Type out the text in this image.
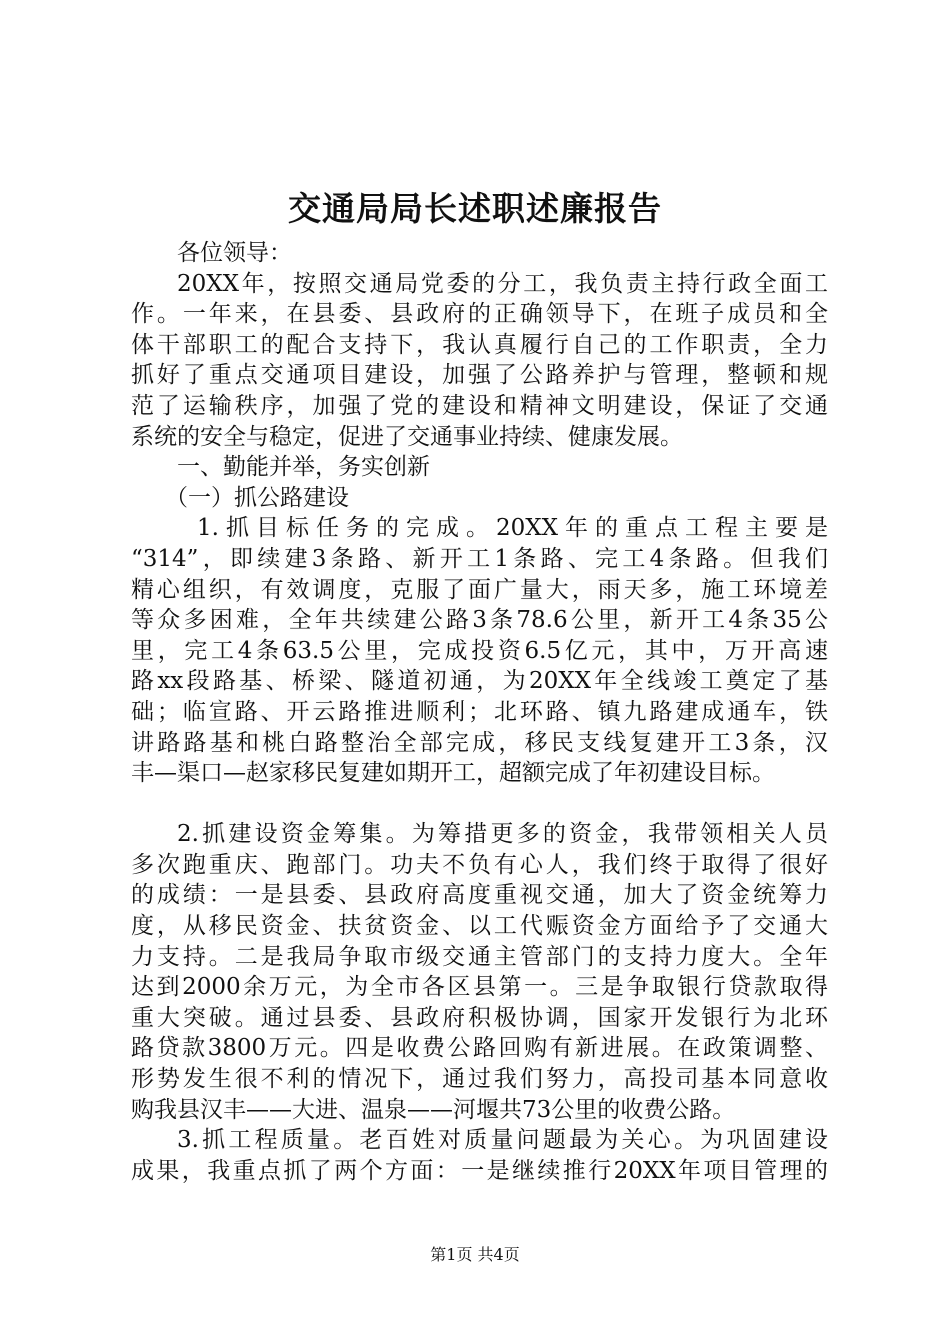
交通局局长述职述廉报告
各位领导：
20XX年，按照交通局党委的分工，我负责主持行政全面工
作。一年来，在县委、县政府的正确领导下，在班子成员和全
体干部职工的配合支持下，我认真履行自己的工作职责，全力
抓好了重点交通项目建设，加强了公路养护与管理，整顿和规
范了运输秩序，加强了党的建设和精神文明建设，保证了交通
系统的安全与稳定，促进了交通事业持续、健康发展。
一、勤能并举，务实创新
（一）抓公路建设
1.抓目标任务的完成。20XX年的重点工程主要是
“314”，即续建3条路、新开工1条路、完工4条路。但我们
精心组织，有效调度，克服了面广量大，雨天多，施工环境差
等众多困难，全年共续建公路3条78.6公里，新开工4条35公
里，完工4条63.5公里，完成投资6.5亿元，其中，万开高速
路xx段路基、桥梁、隧道初通，为20XX年全线竣工奠定了基
础；临宣路、开云路推进顺利；北环路、镇九路建成通车，铁
讲路路基和桃白路整治全部完成，移民支线复建开工3条，汉
丰—渠口—赵家移民复建如期开工，超额完成了年初建设目标。
2.抓建设资金筹集。为筹措更多的资金，我带领相关人员
多次跑重庆、跑部门。功夫不负有心人，我们终于取得了很好
的成绩：一是县委、县政府高度重视交通，加大了资金统筹力
度，从移民资金、扶贫资金、以工代赈资金方面给予了交通大
力支持。二是我局争取市级交通主管部门的支持力度大。全年
达到2000余万元，为全市各区县第一。三是争取银行贷款取得
重大突破。通过县委、县政府积极协调，国家开发银行为北环
路贷款3800万元。四是收费公路回购有新进展。在政策调整、
形势发生很不利的情况下，通过我们努力，高投司基本同意收
购我县汉丰——大进、温泉——河堰共73公里的收费公路。
3.抓工程质量。老百姓对质量问题最为关心。为巩固建设
成果，我重点抓了两个方面：一是继续推行20XX年项目管理的
第1页 共4页
